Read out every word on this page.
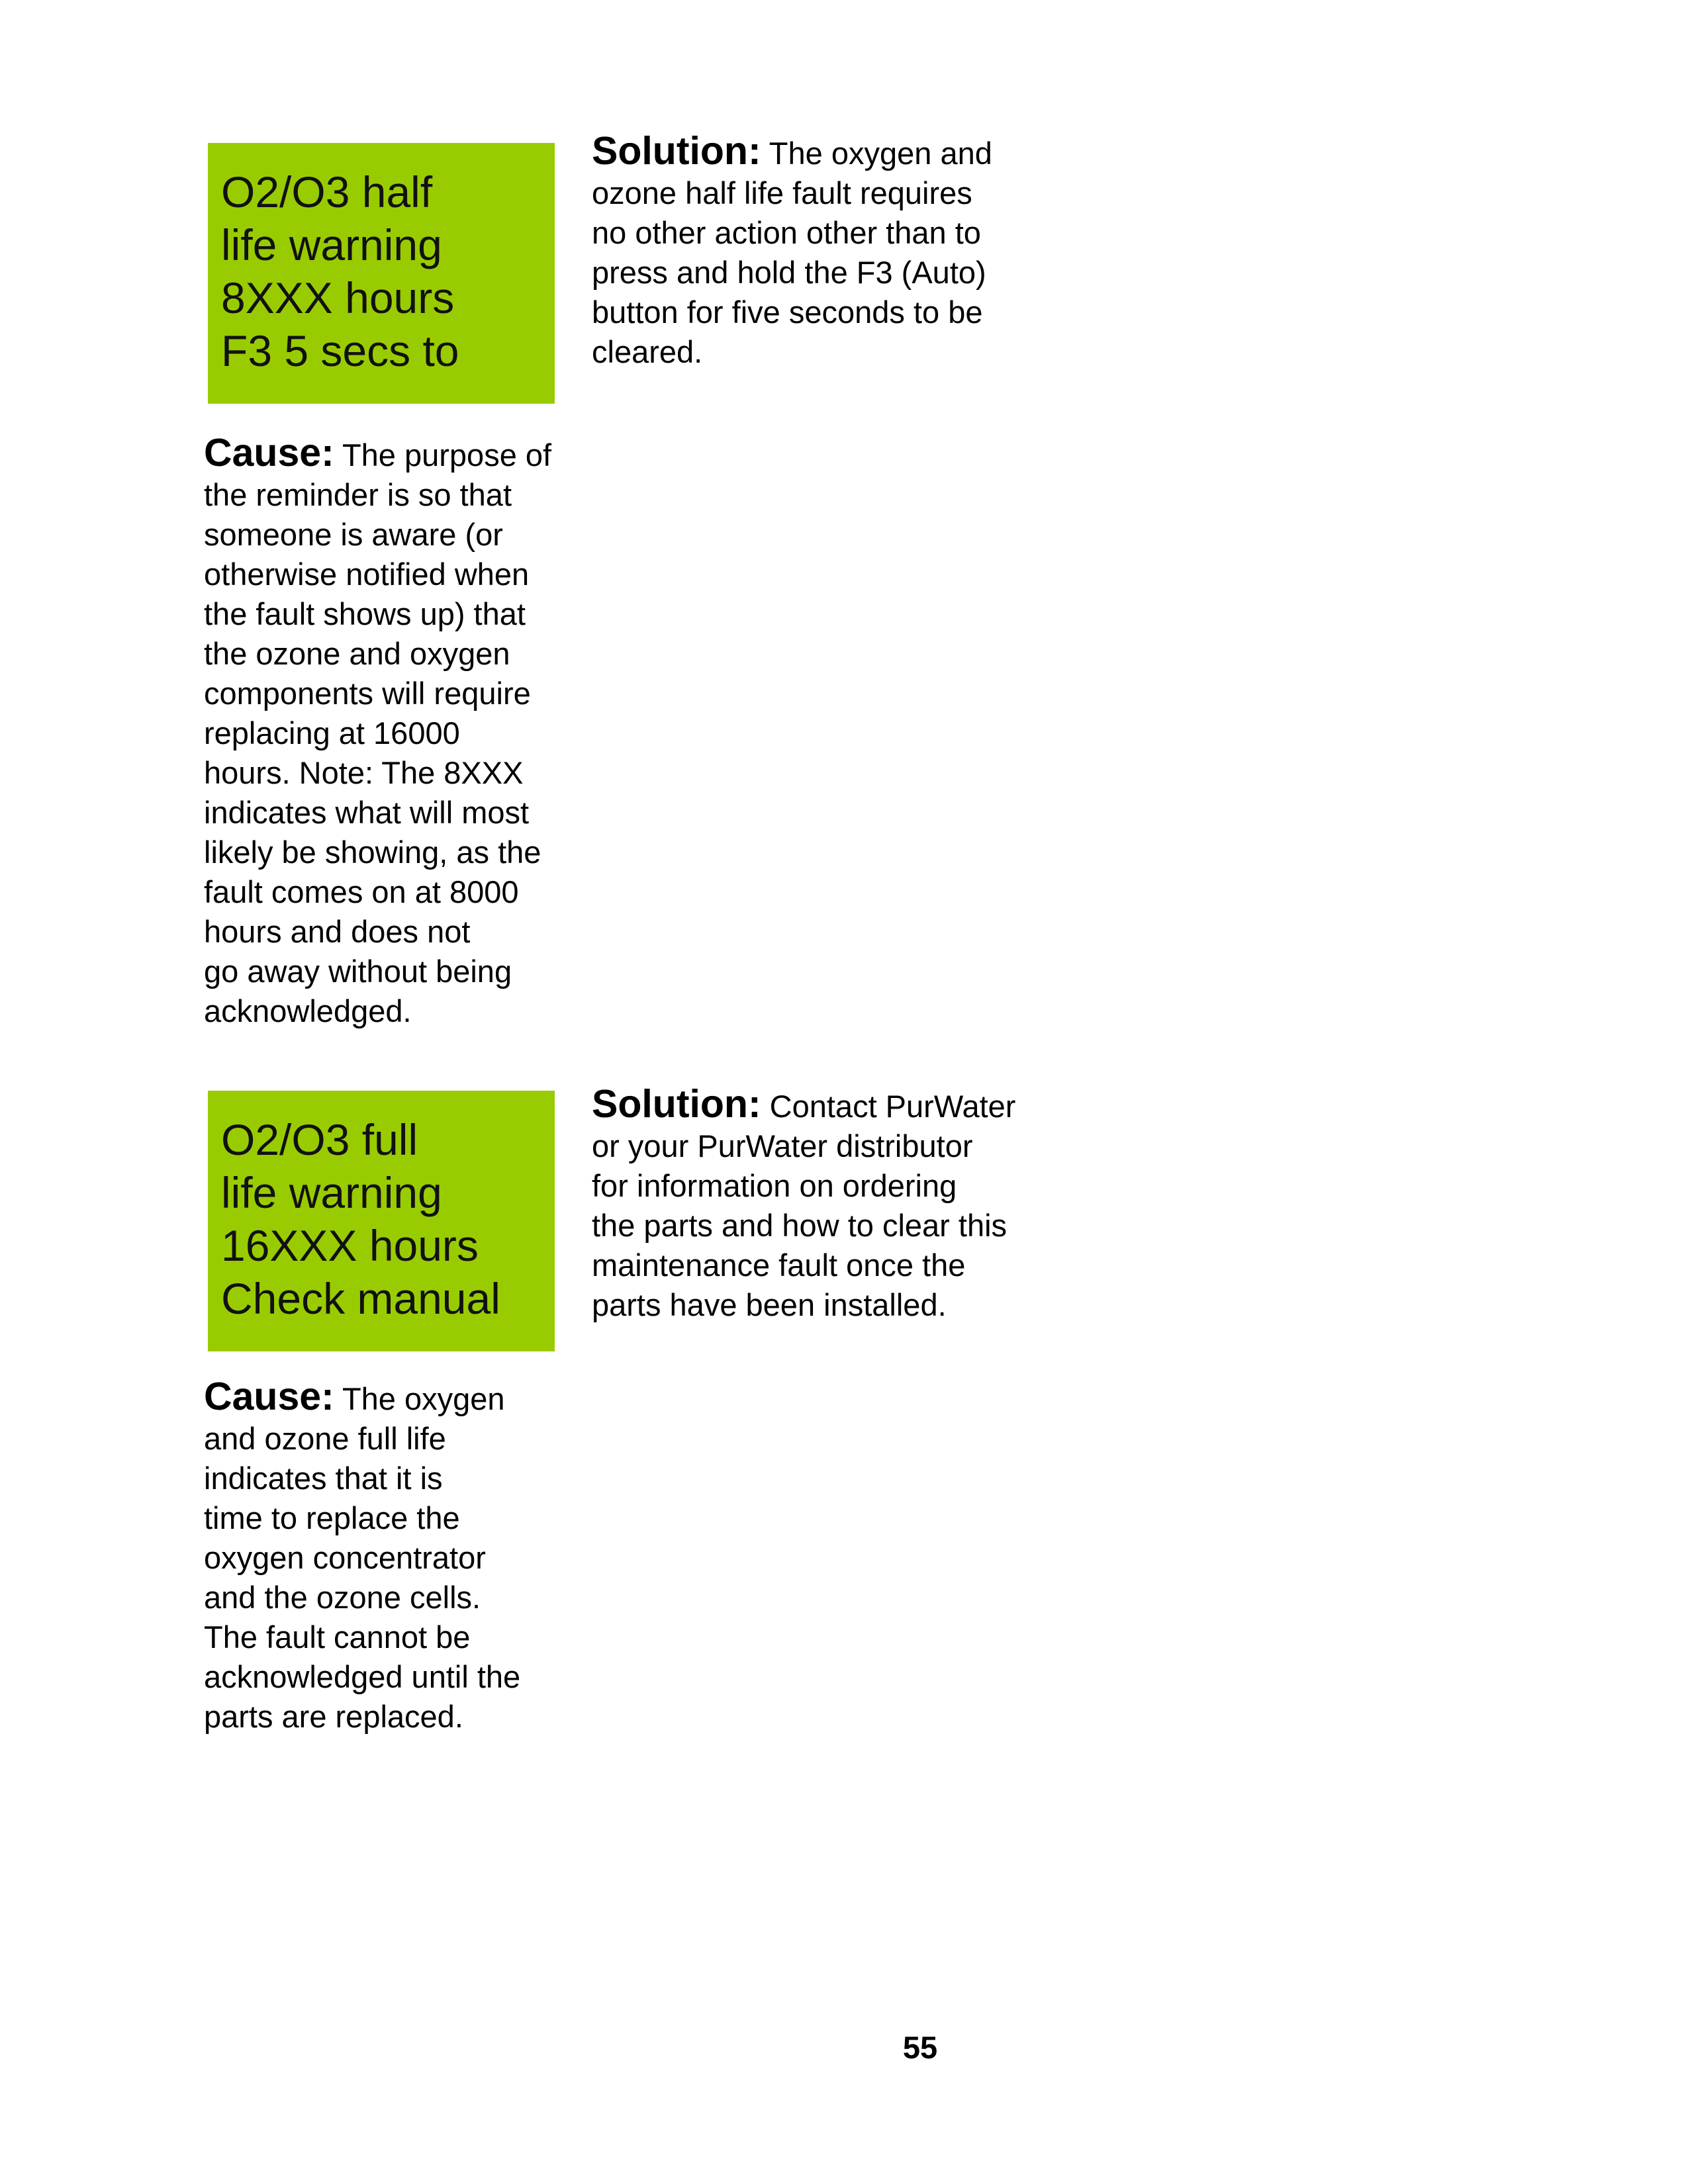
O2/O3 half
life warning
8XXX hours
F3 5 secs to
Solution: The oxygen and
ozone half life fault requires
no other action other than to
press and hold the F3 (Auto)
button for five seconds to be
cleared.
Cause: The purpose of
the reminder is so that
someone is aware (or
otherwise notified when
the fault shows up) that
the ozone and oxygen
components will require
replacing at 16000
hours. Note: The 8XXX
indicates what will most
likely be showing, as the
fault comes on at 8000
hours and does not
go away without being
acknowledged.
O2/O3 full
life warning
16XXX hours
Check manual
Solution: Contact PurWater
or your PurWater distributor
for information on ordering
the parts and how to clear this
maintenance fault once the
parts have been installed.
Cause: The oxygen
and ozone full life
indicates that it is
time to replace the
oxygen concentrator
and the ozone cells.
The fault cannot be
acknowledged until the
parts are replaced.
55
